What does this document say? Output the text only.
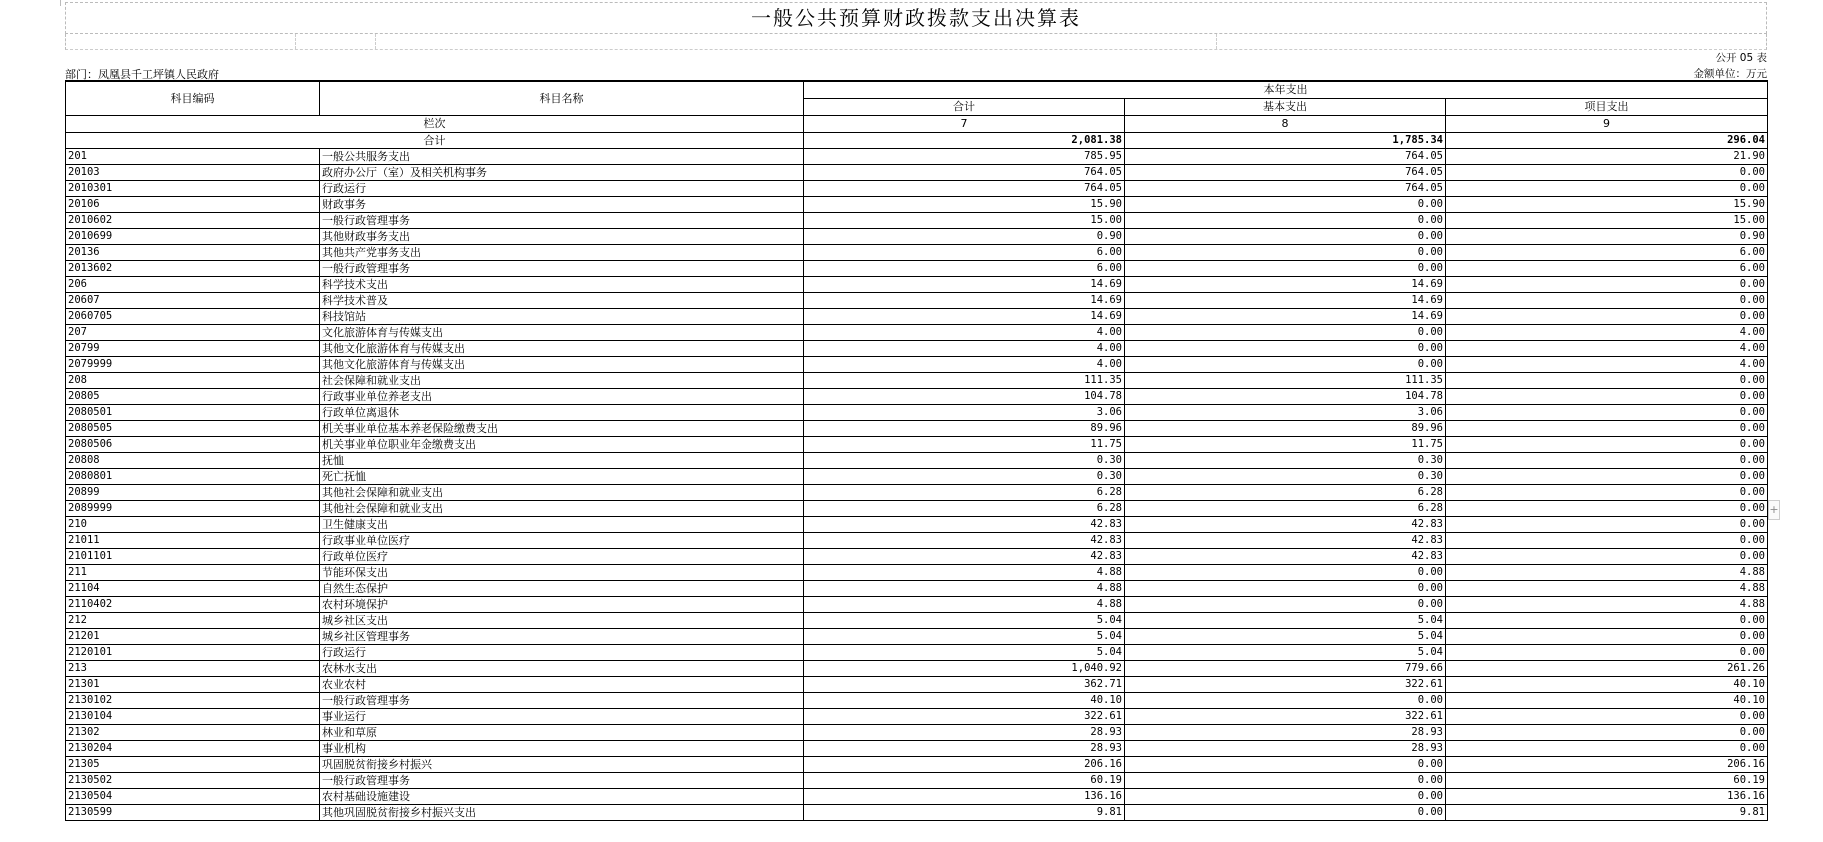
一般公共预算财政拨款支出决算表
公开 05 表
部门：凤凰县千工坪镇人民政府	金额单位：万元
科目编码	科目名称	本年支出		
		合计	基本支出	项目支出
栏次		7	8	9
合计		2,081.38	1,785.34	296.04
201	一般公共服务支出	785.95	764.05	21.90
20103	政府办公厅（室）及相关机构事务	764.05	764.05	0.00
2010301	行政运行	764.05	764.05	0.00
20106	财政事务	15.90	0.00	15.90
2010602	一般行政管理事务	15.00	0.00	15.00
2010699	其他财政事务支出	0.90	0.00	0.90
20136	其他共产党事务支出	6.00	0.00	6.00
2013602	一般行政管理事务	6.00	0.00	6.00
206	科学技术支出	14.69	14.69	0.00
20607	科学技术普及	14.69	14.69	0.00
2060705	科技馆站	14.69	14.69	0.00
207	文化旅游体育与传媒支出	4.00	0.00	4.00
20799	其他文化旅游体育与传媒支出	4.00	0.00	4.00
2079999	其他文化旅游体育与传媒支出	4.00	0.00	4.00
208	社会保障和就业支出	111.35	111.35	0.00
20805	行政事业单位养老支出	104.78	104.78	0.00
2080501	行政单位离退休	3.06	3.06	0.00
2080505	机关事业单位基本养老保险缴费支出	89.96	89.96	0.00
2080506	机关事业单位职业年金缴费支出	11.75	11.75	0.00
20808	抚恤	0.30	0.30	0.00
2080801	死亡抚恤	0.30	0.30	0.00
20899	其他社会保障和就业支出	6.28	6.28	0.00
2089999	其他社会保障和就业支出	6.28	6.28	0.00
210	卫生健康支出	42.83	42.83	0.00
21011	行政事业单位医疗	42.83	42.83	0.00
2101101	行政单位医疗	42.83	42.83	0.00
211	节能环保支出	4.88	0.00	4.88
21104	自然生态保护	4.88	0.00	4.88
2110402	农村环境保护	4.88	0.00	4.88
212	城乡社区支出	5.04	5.04	0.00
21201	城乡社区管理事务	5.04	5.04	0.00
2120101	行政运行	5.04	5.04	0.00
213	农林水支出	1,040.92	779.66	261.26
21301	农业农村	362.71	322.61	40.10
2130102	一般行政管理事务	40.10	0.00	40.10
2130104	事业运行	322.61	322.61	0.00
21302	林业和草原	28.93	28.93	0.00
2130204	事业机构	28.93	28.93	0.00
21305	巩固脱贫衔接乡村振兴	206.16	0.00	206.16
2130502	一般行政管理事务	60.19	0.00	60.19
2130504	农村基础设施建设	136.16	0.00	136.16
2130599	其他巩固脱贫衔接乡村振兴支出	9.81	0.00	9.81
+
